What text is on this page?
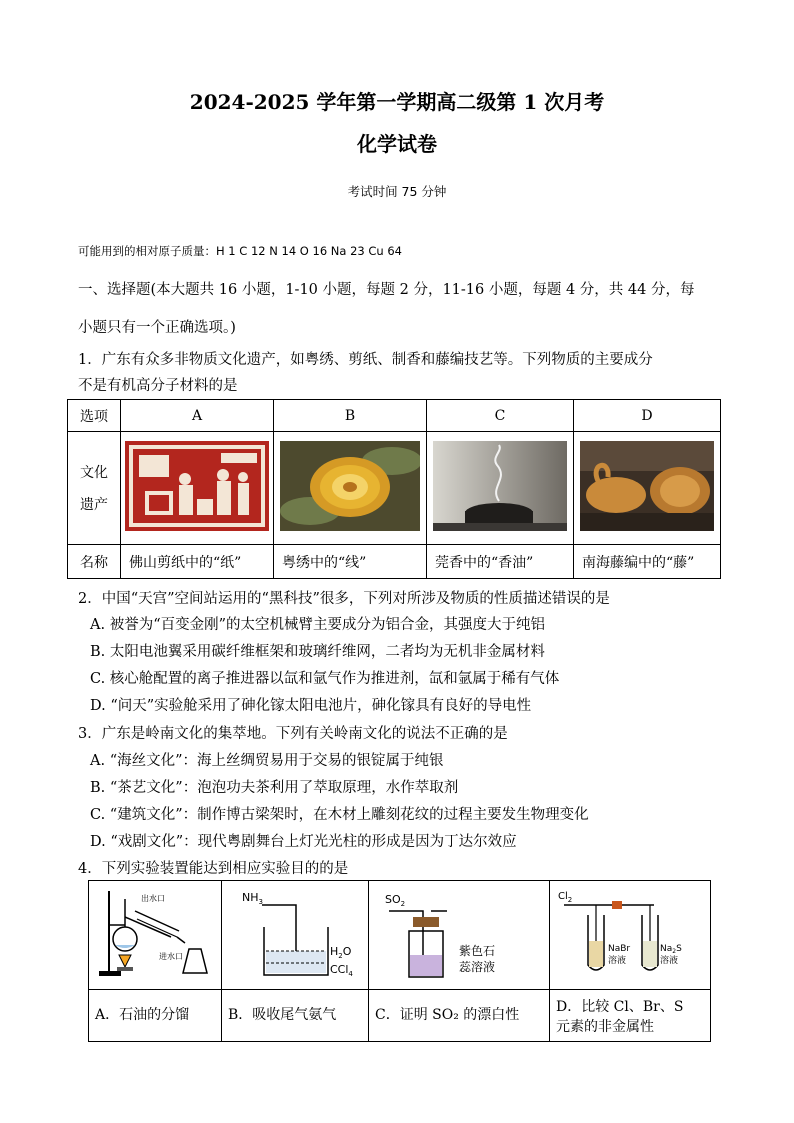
2024-2025 学年第一学期高二级第 1 次月考
化学试卷
考试时间 75 分钟
可能用到的相对原子质量：H 1 C 12 N 14 O 16 Na 23 Cu 64
一、选择题(本大题共 16 小题，1-10 小题，每题 2 分，11-16 小题，每题 4 分，共 44 分，每
小题只有一个正确选项。)
1．广东有众多非物质文化遗产，如粤绣、剪纸、制香和藤编技艺等。下列物质的主要成分
不是有机高分子材料的是
选项	A	B	C	D

文化
遗产

名称	佛山剪纸中的“纸”	粤绣中的“线”	莞香中的“香油”	南海藤编中的“藤”
2．中国“天宫”空间站运用的“黑科技”很多，下列对所涉及物质的性质描述错误的是
A. 被誉为“百变金刚”的太空机械臂主要成分为铝合金，其强度大于纯铝
B. 太阳电池翼采用碳纤维框架和玻璃纤维网，二者均为无机非金属材料
C. 核心舱配置的离子推进器以氙和氩气作为推进剂，氙和氩属于稀有气体
D. “问天”实验舱采用了砷化镓太阳电池片，砷化镓具有良好的导电性
3．广东是岭南文化的集萃地。下列有关岭南文化的说法不正确的是
A. “海丝文化”：海上丝绸贸易用于交易的银锭属于纯银
B. “茶艺文化”：泡泡功夫茶利用了萃取原理，水作萃取剂
C. “建筑文化”：制作博古梁架时，在木材上雕刻花纹的过程主要发生物理变化
D. “戏剧文化”：现代粤剧舞台上灯光光柱的形成是因为丁达尔效应
4．下列实验装置能达到相应实验目的的是
出水口
进水口	$NH_3$
$H_2O$
CCl$_4$	$SO_2$
紫色石
蕊溶液	$Cl_2$
NaBr
溶液
$Na_2S$
溶液

A．石油的分馏	B．吸收尾气氨气	C．证明 SO₂ 的漂白性	D．比较 Cl、Br、S
元素的非金属性
